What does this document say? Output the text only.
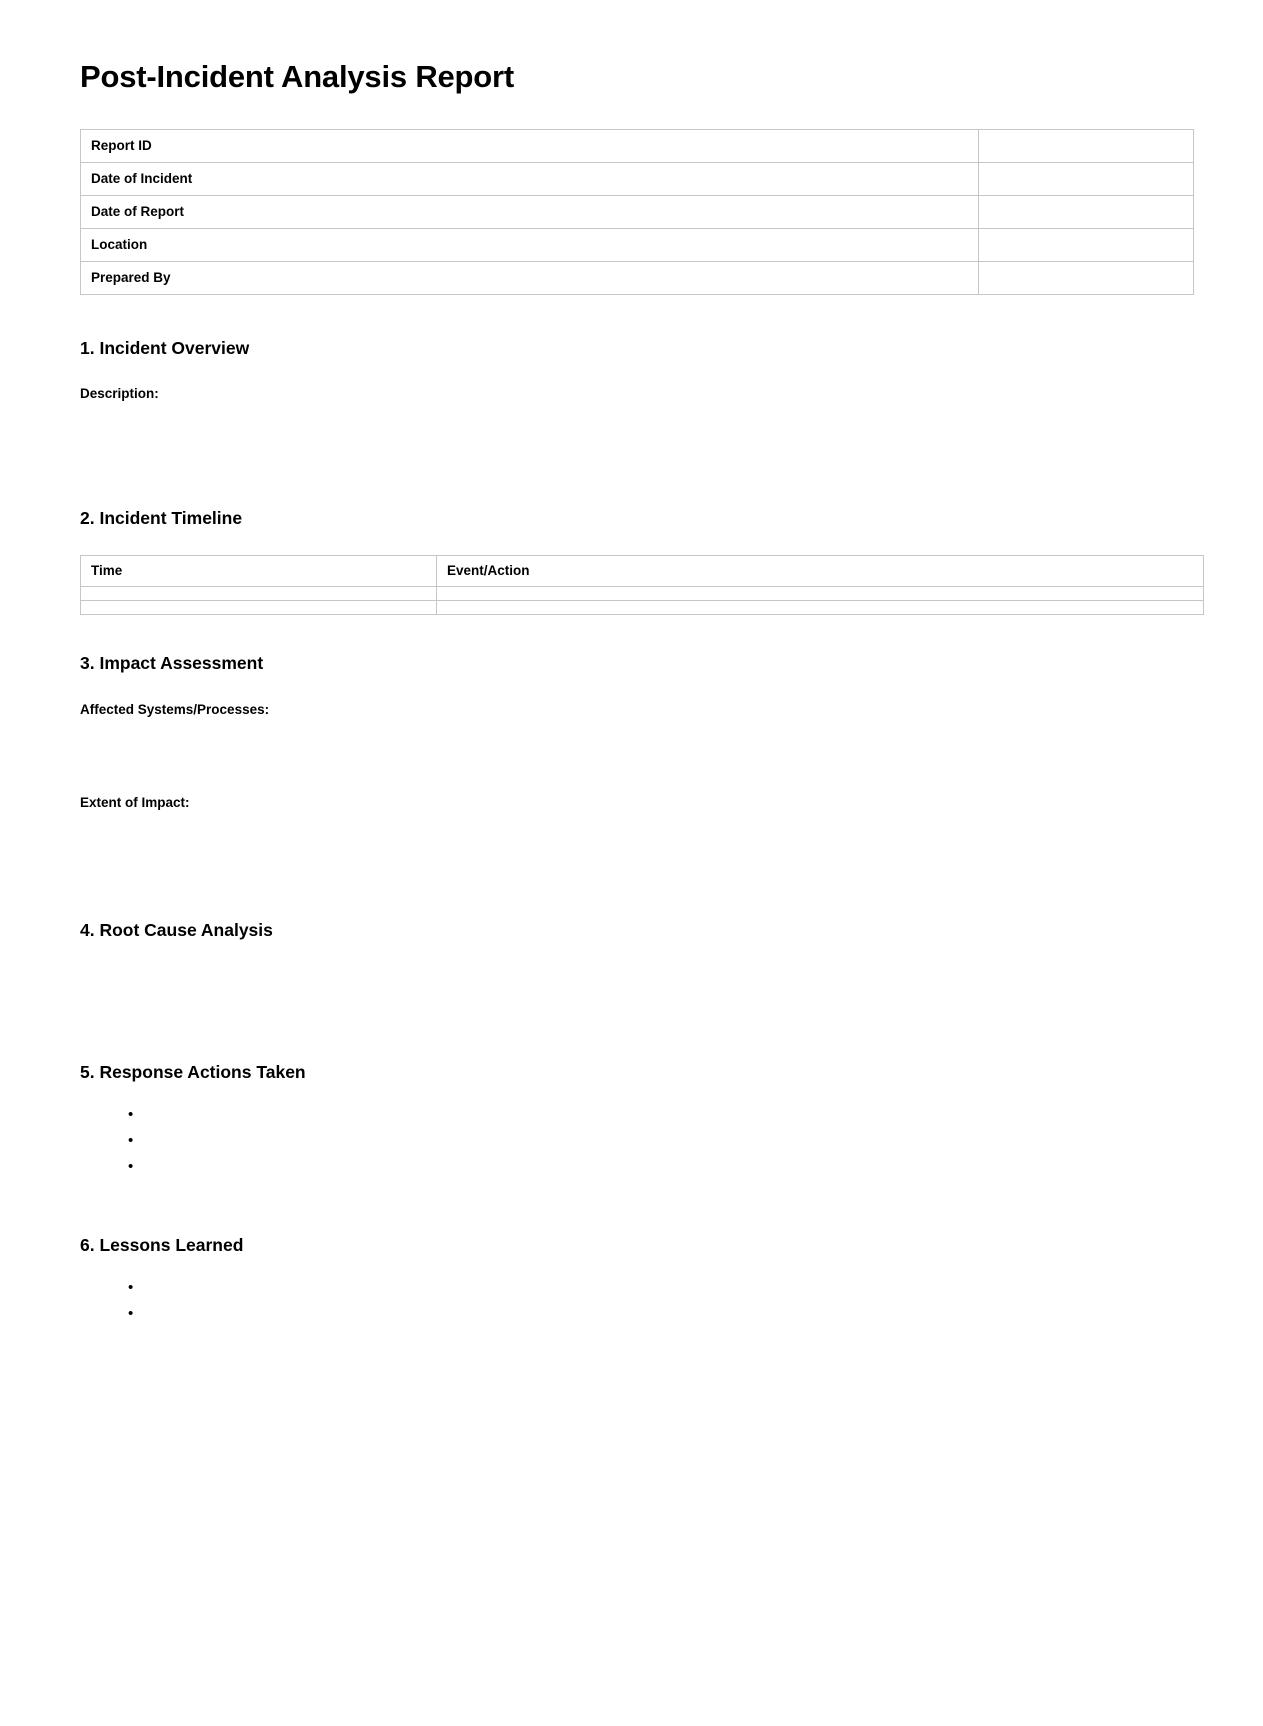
Post-Incident Analysis Report
Report ID	
Date of Incident	
Date of Report	
Location	
Prepared By	
1. Incident Overview

Description:

2. Incident Timeline
Time	Event/Action

3. Impact Assessment

Affected Systems/Processes:

Extent of Impact:

4. Root Cause Analysis
5. Response Actions Taken
•
•
•
6. Lessons Learned
•
•
